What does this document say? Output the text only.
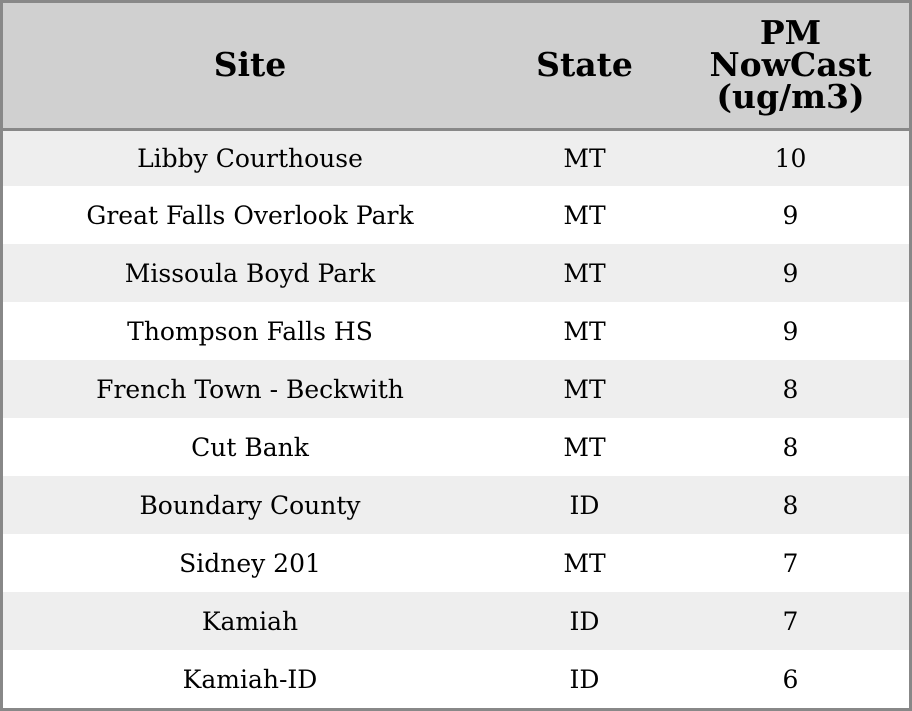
Site	State	PM
NowCast
(ug/m3)

Libby Courthouse	MT	10
Great Falls Overlook Park	MT	9
Missoula Boyd Park	MT	9
Thompson Falls HS	MT	9
French Town - Beckwith	MT	8
Cut Bank	MT	8
Boundary County	ID	8
Sidney 201	MT	7
Kamiah	ID	7
Kamiah-ID	ID	6
